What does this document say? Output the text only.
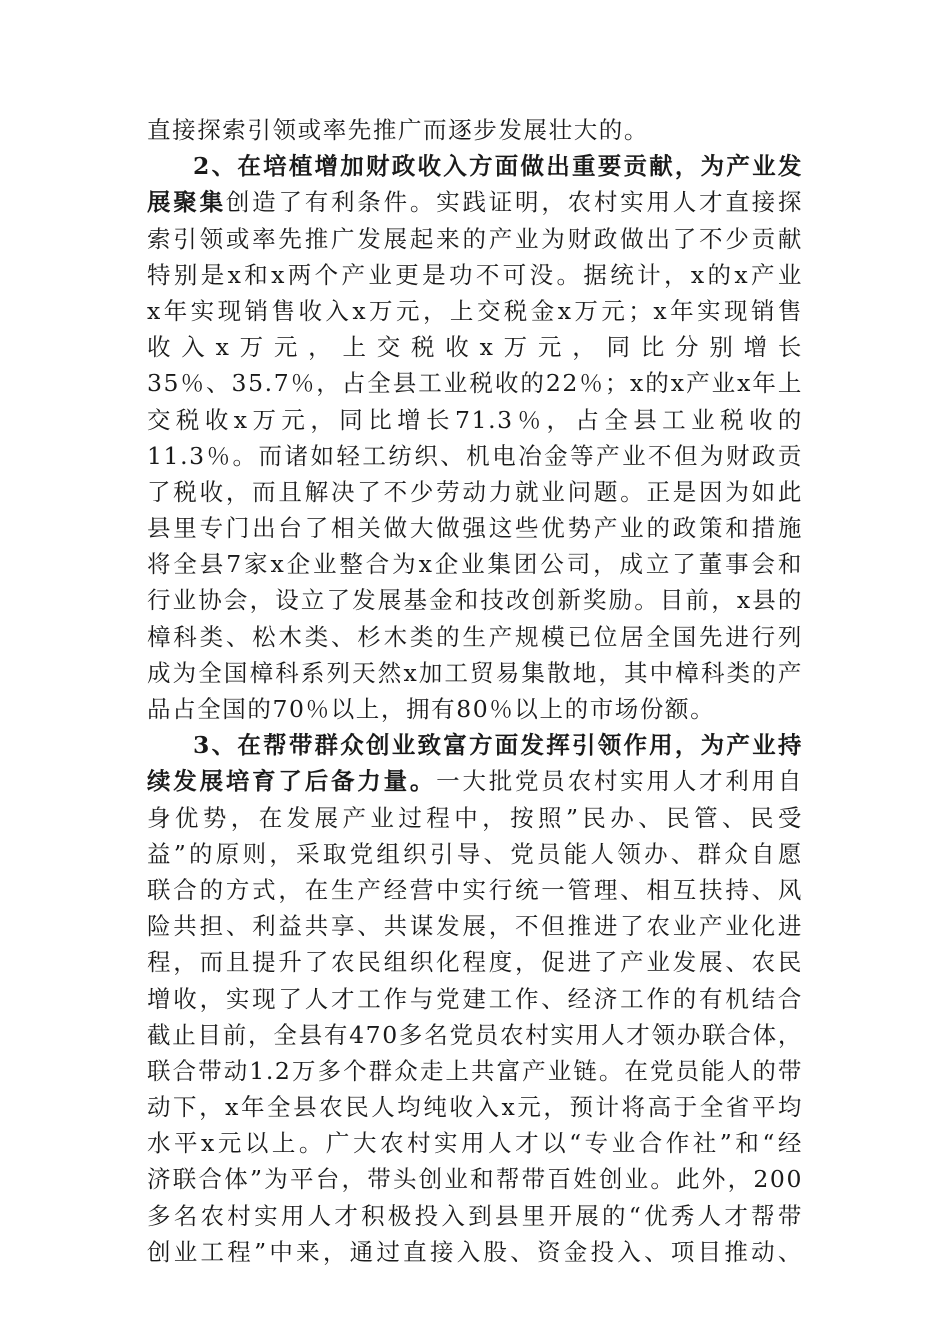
直接探索引领或率先推广而逐步发展壮大的。
2、在培植增加财政收入方面做出重要贡献，为产业发
展聚集创造了有利条件。实践证明，农村实用人才直接探
索引领或率先推广发展起来的产业为财政做出了不少贡献
特别是x和x两个产业更是功不可没。据统计，x的x产业
x年实现销售收入x万元，上交税金x万元；x年实现销售
收入x万元，上交税收x万元，同比分别增长
35％、35.7％，占全县工业税收的22％；x的x产业x年上
交税收x万元，同比增长71.3％，占全县工业税收的
11.3％。而诸如轻工纺织、机电冶金等产业不但为财政贡
了税收，而且解决了不少劳动力就业问题。正是因为如此
县里专门出台了相关做大做强这些优势产业的政策和措施
将全县7家x企业整合为x企业集团公司，成立了董事会和
行业协会，设立了发展基金和技改创新奖励。目前，x县的
樟科类、松木类、杉木类的生产规模已位居全国先进行列
成为全国樟科系列天然x加工贸易集散地，其中樟科类的产
品占全国的70％以上，拥有80％以上的市场份额。
3、在帮带群众创业致富方面发挥引领作用，为产业持
续发展培育了后备力量。一大批党员农村实用人才利用自
身优势，在发展产业过程中，按照”民办、民管、民受
益”的原则，采取党组织引导、党员能人领办、群众自愿
联合的方式，在生产经营中实行统一管理、相互扶持、风
险共担、利益共享、共谋发展，不但推进了农业产业化进
程，而且提升了农民组织化程度，促进了产业发展、农民
增收，实现了人才工作与党建工作、经济工作的有机结合
截止目前，全县有470多名党员农村实用人才领办联合体，
联合带动1.2万多个群众走上共富产业链。在党员能人的带
动下，x年全县农民人均纯收入x元，预计将高于全省平均
水平x元以上。广大农村实用人才以“专业合作社”和“经
济联合体”为平台，带头创业和帮带百姓创业。此外，200
多名农村实用人才积极投入到县里开展的“优秀人才帮带
创业工程”中来，通过直接入股、资金投入、项目推动、
